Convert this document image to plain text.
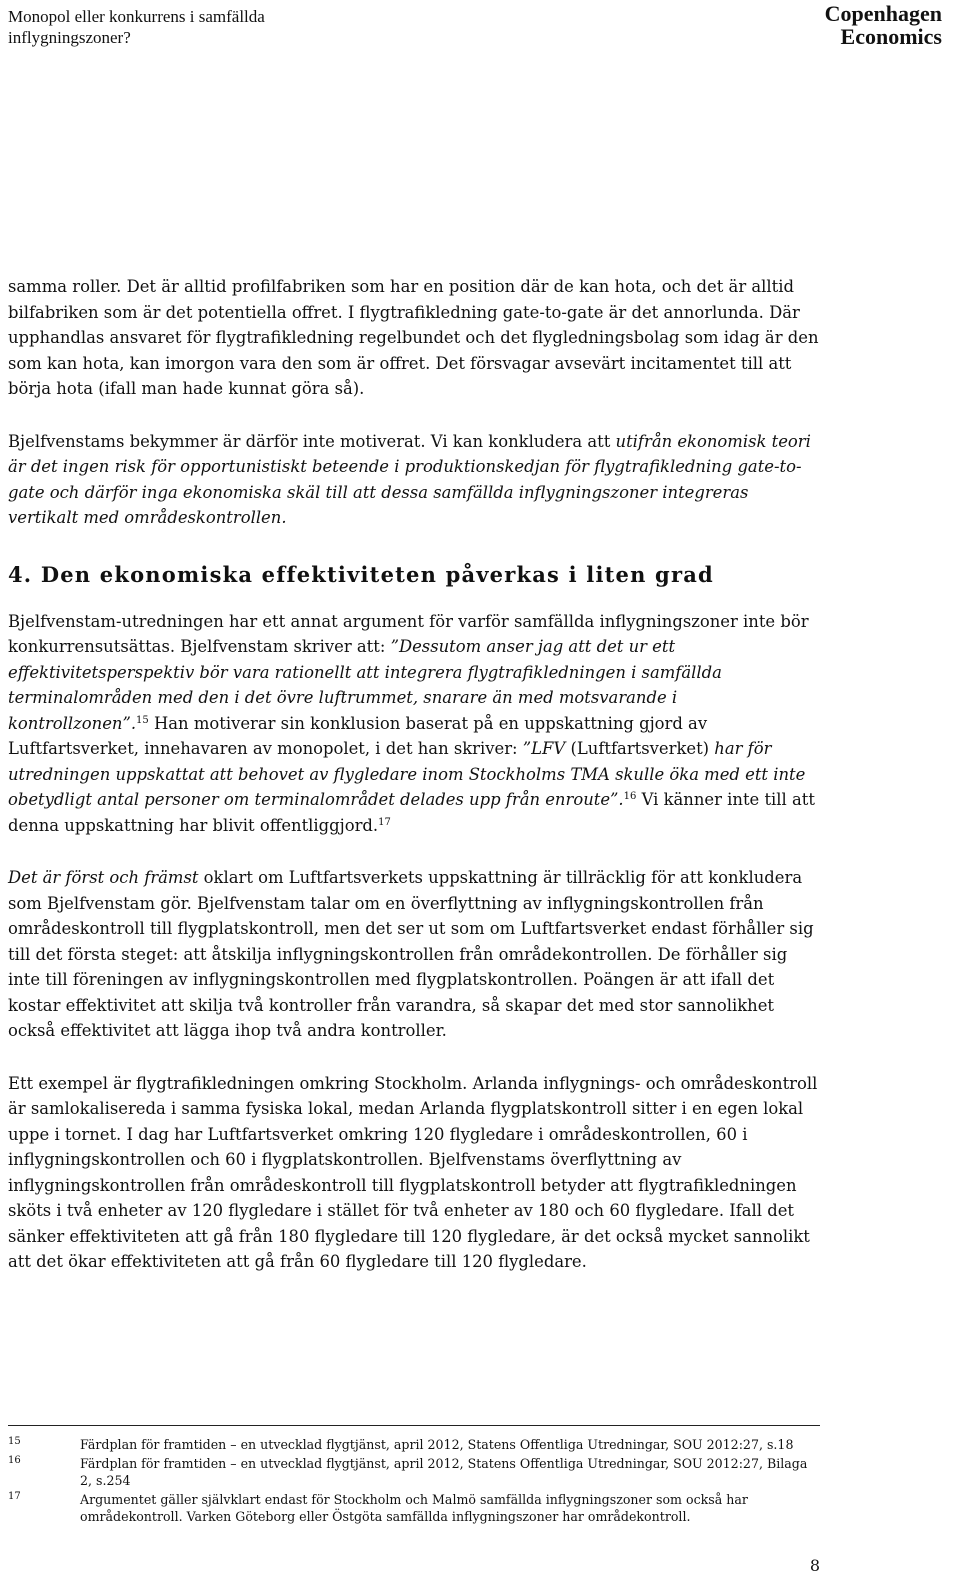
Monopol eller konkurrens i samfällda
inflygningszoner?
Copenhagen
Economics

samma roller. Det är alltid profilfabriken som har en position där de kan hota, och det är alltid bilfabriken som är det potentiella offret. I flygtrafikledning gate-to-gate är det annorlunda. Där upphandlas ansvaret för flygtrafikledning regelbundet och det flygledningsbolag som idag är den som kan hota, kan imorgon vara den som är offret. Det försvagar avsevärt incitamentet till att börja hota (ifall man hade kunnat göra så).

Bjelfvenstams bekymmer är därför inte motiverat. Vi kan konkludera att utifrån ekonomisk teori är det ingen risk för opportunistiskt beteende i produktionskedjan för flygtrafikledning gate-to-gate och därför inga ekonomiska skäl till att dessa samfällda inflygningszoner integreras vertikalt med områdeskontrollen.

4. Den ekonomiska effektiviteten påverkas i liten grad

Bjelfvenstam-utredningen har ett annat argument för varför samfällda inflygningszoner inte bör konkurrensutsättas. Bjelfvenstam skriver att: ”Dessutom anser jag att det ur ett effektivitetsperspektiv bör vara rationellt att integrera flygtrafikledningen i samfällda terminalområden med den i det övre luftrummet, snarare än med motsvarande i kontrollzonen”.$^{15}$ Han motiverar sin konklusion baserat på en uppskattning gjord av Luftfartsverket, innehavaren av monopolet, i det han skriver: ”LFV (Luftfartsverket) har för utredningen uppskattat att behovet av flygledare inom Stockholms TMA skulle öka med ett inte obetydligt antal personer om terminalområdet delades upp från enroute”.$^{16}$ Vi känner inte till att denna uppskattning har blivit offentliggjord.$^{17}$

Det är först och främst oklart om Luftfartsverkets uppskattning är tillräcklig för att konkludera som Bjelfvenstam gör. Bjelfvenstam talar om en överflyttning av inflygningskontrollen från områdeskontroll till flygplatskontroll, men det ser ut som om Luftfartsverket endast förhåller sig till det första steget: att åtskilja inflygningskontrollen från områdekontrollen. De förhåller sig inte till föreningen av inflygningskontrollen med flygplatskontrollen. Poängen är att ifall det kostar effektivitet att skilja två kontroller från varandra, så skapar det med stor sannolikhet också effektivitet att lägga ihop två andra kontroller.

Ett exempel är flygtrafikledningen omkring Stockholm. Arlanda inflygnings- och områdeskontroll är samlokalisereda i samma fysiska lokal, medan Arlanda flygplatskontroll sitter i en egen lokal uppe i tornet. I dag har Luftfartsverket omkring 120 flygledare i områdeskontrollen, 60 i inflygningskontrollen och 60 i flygplatskontrollen. Bjelfvenstams överflyttning av inflygningskontrollen från områdeskontroll till flygplatskontroll betyder att flygtrafikledningen sköts i två enheter av 120 flygledare i stället för två enheter av 180 och 60 flygledare. Ifall det sänker effektiviteten att gå från 180 flygledare till 120 flygledare, är det också mycket sannolikt att det ökar effektiviteten att gå från 60 flygledare till 120 flygledare.

15	Färdplan för framtiden – en utvecklad flygtjänst, april 2012, Statens Offentliga Utredningar, SOU 2012:27, s.18
16	Färdplan för framtiden – en utvecklad flygtjänst, april 2012, Statens Offentliga Utredningar, SOU 2012:27, Bilaga 2, s.254
17	Argumentet gäller självklart endast för Stockholm och Malmö samfällda inflygningszoner som också har områdekontroll. Varken Göteborg eller Östgöta samfällda inflygningszoner har områdekontroll.
8
